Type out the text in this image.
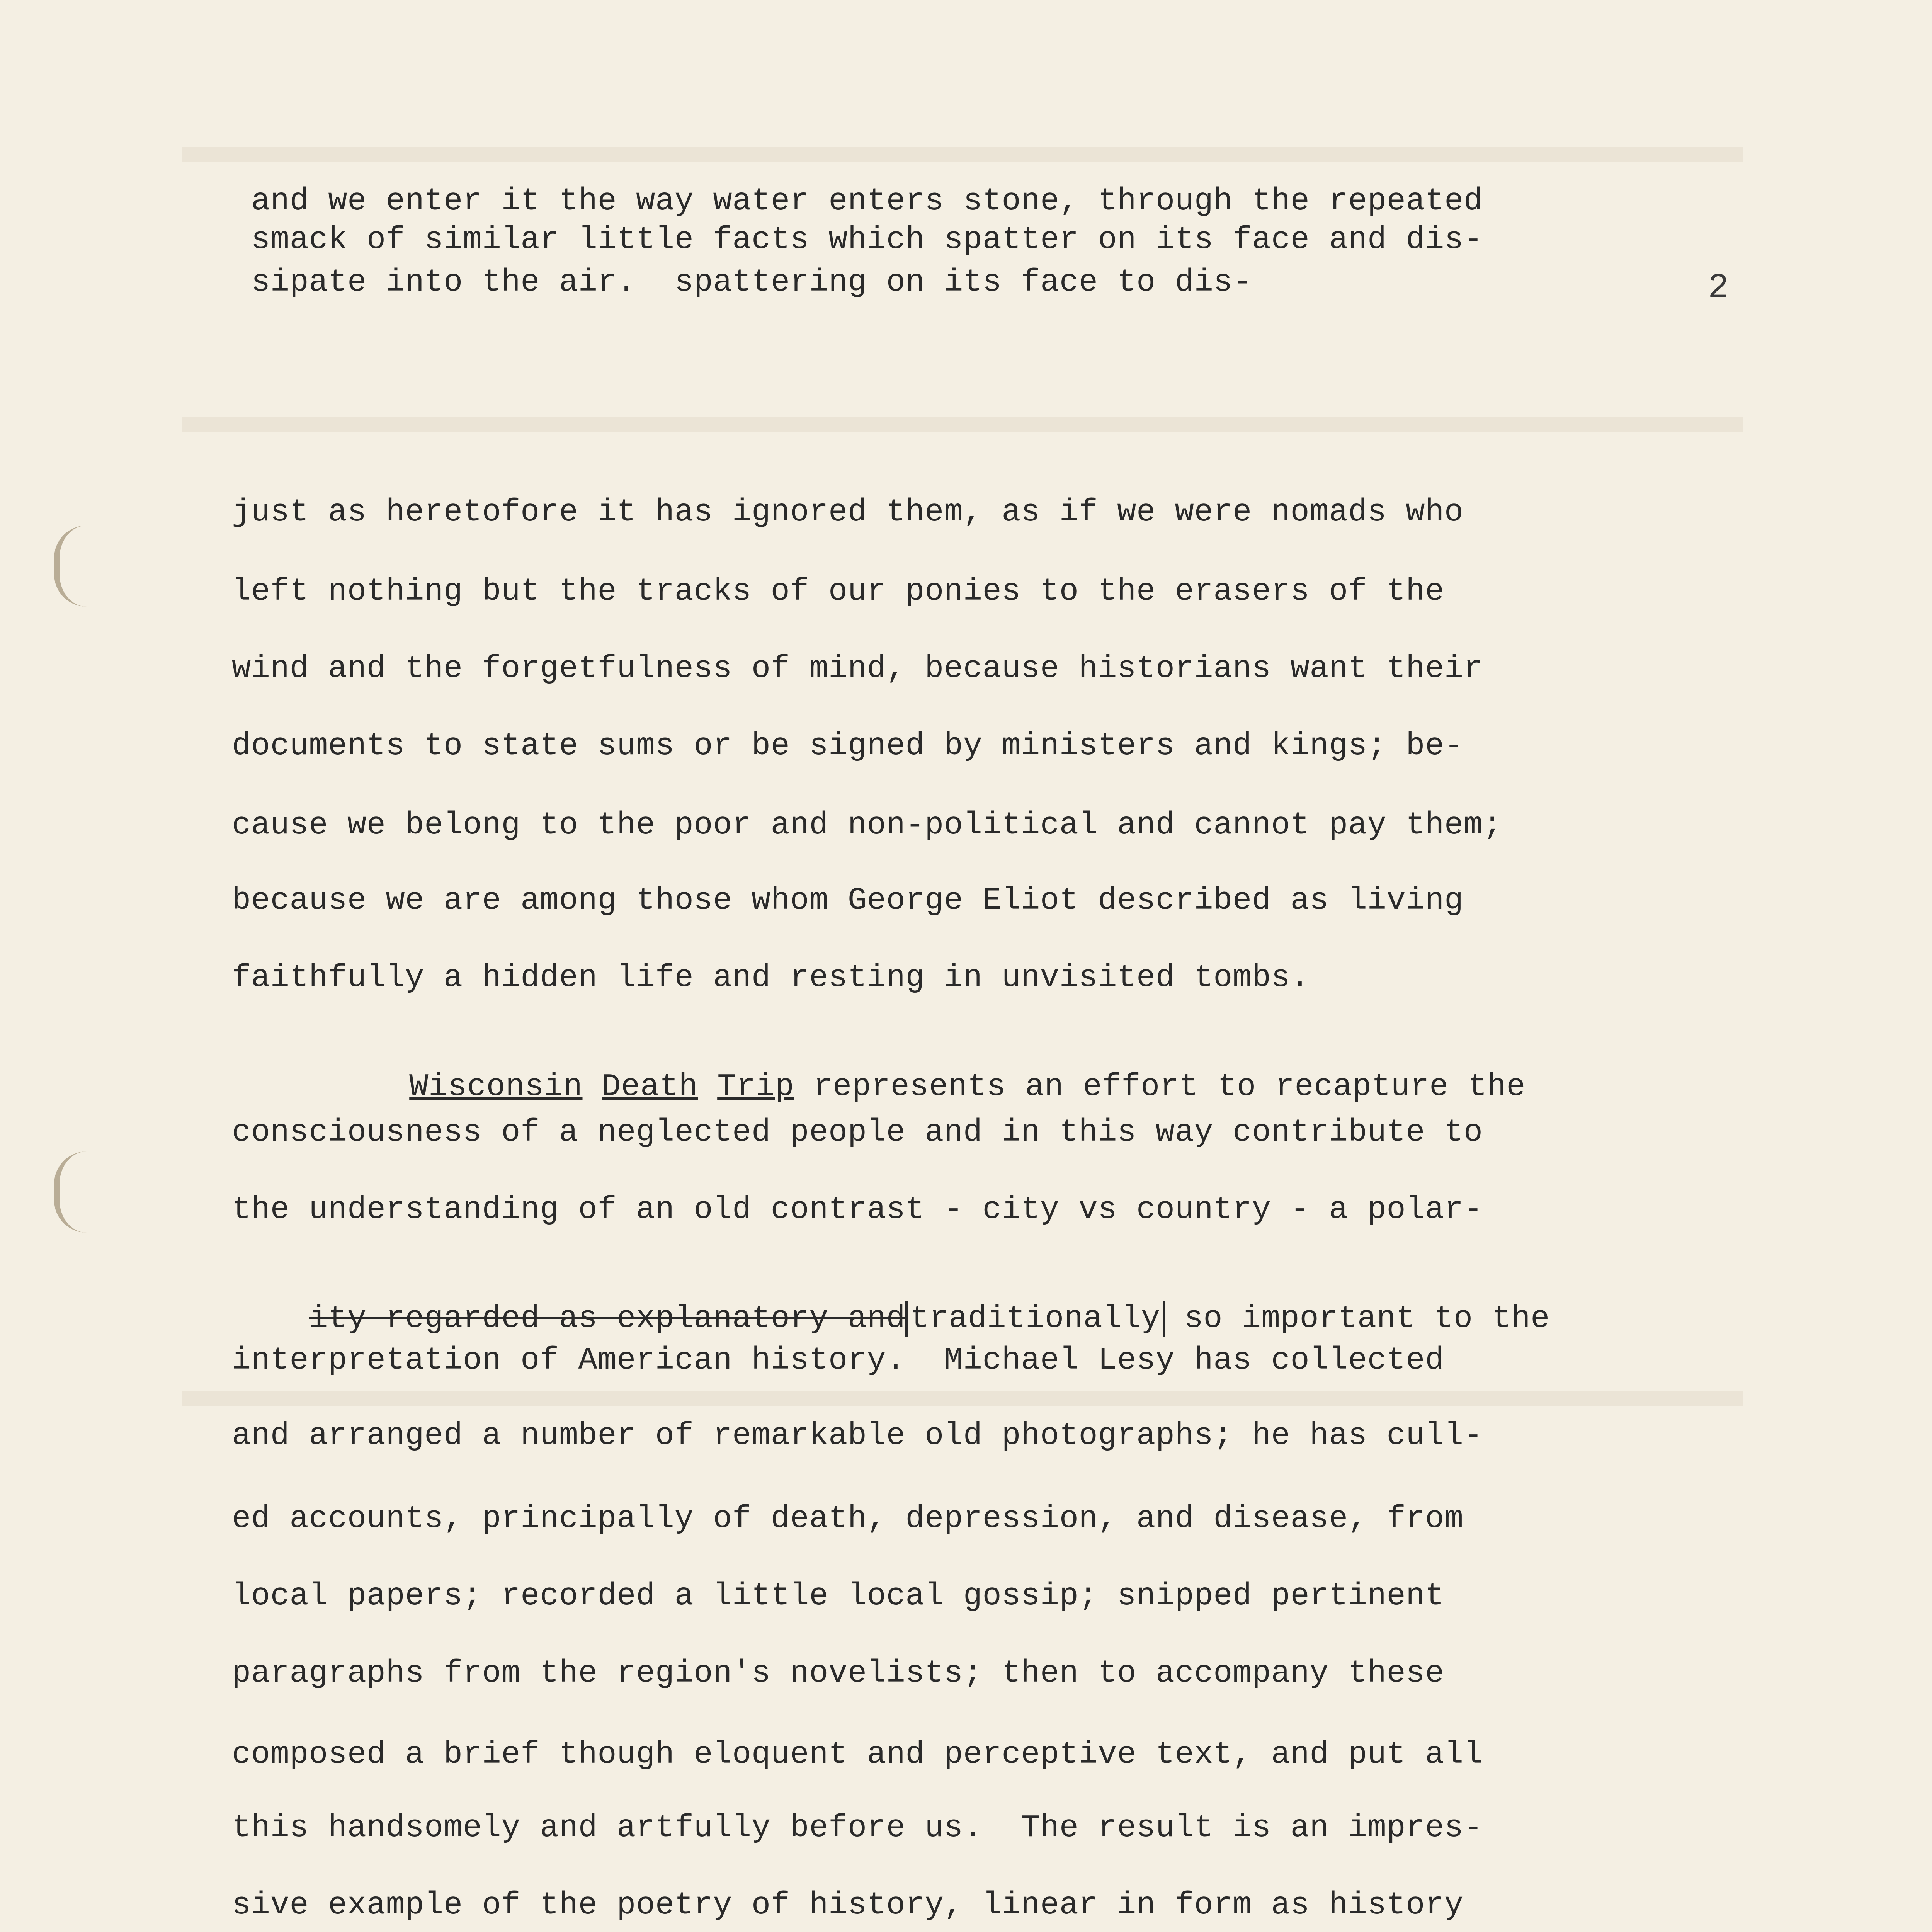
2
and we enter it the way water enters stone, through the repeated
smack of similar little facts which spatter on its face and dis-
sipate into the air.  spattering on its face to dis-
just as heretofore it has ignored them, as if we were nomads who
left nothing but the tracks of our ponies to the erasers of the
wind and the forgetfulness of mind, because historians want their
documents to state sums or be signed by ministers and kings; be-
cause we belong to the poor and non-political and cannot pay them;
because we are among those whom George Eliot described as living
faithfully a hidden life and resting in unvisited tombs.

Wisconsin Death Trip represents an effort to recapture the

consciousness of a neglected people and in this way contribute to
the understanding of an old contrast - city vs country - a polar-

ity regarded as explanatory and traditionally so important to the

interpretation of American history.  Michael Lesy has collected
and arranged a number of remarkable old photographs; he has cull-
ed accounts, principally of death, depression, and disease, from
local papers; recorded a little local gossip; snipped pertinent
paragraphs from the region's novelists; then to accompany these
composed a brief though eloquent and perceptive text, and put all
this handsomely and artfully before us.  The result is an impres-
sive example of the poetry of history, linear in form as history
